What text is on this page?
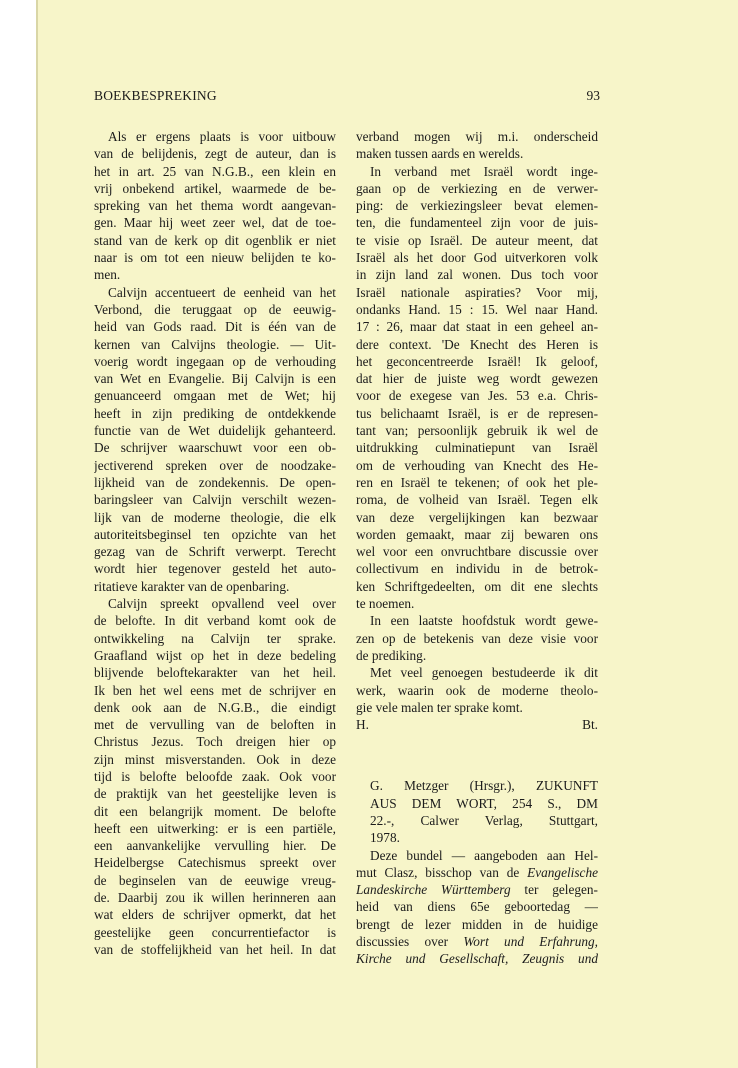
BOEKBESPREKING	93
Als er ergens plaats is voor uitbouw
van de belijdenis, zegt de auteur, dan is
het in art. 25 van N.G.B., een klein en
vrij onbekend artikel, waarmede de be-
spreking van het thema wordt aangevan-
gen. Maar hij weet zeer wel, dat de toe-
stand van de kerk op dit ogenblik er niet
naar is om tot een nieuw belijden te ko-
men.
Calvijn accentueert de eenheid van het
Verbond, die teruggaat op de eeuwig-
heid van Gods raad. Dit is één van de
kernen van Calvijns theologie. — Uit-
voerig wordt ingegaan op de verhouding
van Wet en Evangelie. Bij Calvijn is een
genuanceerd omgaan met de Wet; hij
heeft in zijn prediking de ontdekkende
functie van de Wet duidelijk gehanteerd.
De schrijver waarschuwt voor een ob-
jectiverend spreken over de noodzake-
lijkheid van de zondekennis. De open-
baringsleer van Calvijn verschilt wezen-
lijk van de moderne theologie, die elk
autoriteitsbeginsel ten opzichte van het
gezag van de Schrift verwerpt. Terecht
wordt hier tegenover gesteld het auto-
ritatieve karakter van de openbaring.
Calvijn spreekt opvallend veel over
de belofte. In dit verband komt ook de
ontwikkeling na Calvijn ter sprake.
Graafland wijst op het in deze bedeling
blijvende beloftekarakter van het heil.
Ik ben het wel eens met de schrijver en
denk ook aan de N.G.B., die eindigt
met de vervulling van de beloften in
Christus Jezus. Toch dreigen hier op
zijn minst misverstanden. Ook in deze
tijd is belofte beloofde zaak. Ook voor
de praktijk van het geestelijke leven is
dit een belangrijk moment. De belofte
heeft een uitwerking: er is een partiële,
een aanvankelijke vervulling hier. De
Heidelbergse Catechismus spreekt over
de beginselen van de eeuwige vreug-
de. Daarbij zou ik willen herinneren aan
wat elders de schrijver opmerkt, dat het
geestelijke geen concurrentiefactor is
van de stoffelijkheid van het heil. In dat
verband mogen wij m.i. onderscheid
maken tussen aards en werelds.
In verband met Israël wordt inge-
gaan op de verkiezing en de verwer-
ping: de verkiezingsleer bevat elemen-
ten, die fundamenteel zijn voor de juis-
te visie op Israël. De auteur meent, dat
Israël als het door God uitverkoren volk
in zijn land zal wonen. Dus toch voor
Israël nationale aspiraties? Voor mij,
ondanks Hand. 15 : 15. Wel naar Hand.
17 : 26, maar dat staat in een geheel an-
dere context. 'De Knecht des Heren is
het geconcentreerde Israël! Ik geloof,
dat hier de juiste weg wordt gewezen
voor de exegese van Jes. 53 e.a. Chris-
tus belichaamt Israël, is er de represen-
tant van; persoonlijk gebruik ik wel de
uitdrukking culminatiepunt van Israël
om de verhouding van Knecht des He-
ren en Israël te tekenen; of ook het ple-
roma, de volheid van Israël. Tegen elk
van deze vergelijkingen kan bezwaar
worden gemaakt, maar zij bewaren ons
wel voor een onvruchtbare discussie over
collectivum en individu in de betrok-
ken Schriftgedeelten, om dit ene slechts
te noemen.
In een laatste hoofdstuk wordt gewe-
zen op de betekenis van deze visie voor
de prediking.
Met veel genoegen bestudeerde ik dit
werk, waarin ook de moderne theolo-
gie vele malen ter sprake komt.
H.	Bt.
G. Metzger (Hrsgr.), ZUKUNFT
AUS DEM WORT, 254 S., DM
22.-, Calwer Verlag, Stuttgart,
1978.
Deze bundel — aangeboden aan Hel-
mut Clasz, bisschop van de Evangelische
Landeskirche Württemberg ter gelegen-
heid van diens 65e geboortedag —
brengt de lezer midden in de huidige
discussies over Wort und Erfahrung,
Kirche und Gesellschaft, Zeugnis und
